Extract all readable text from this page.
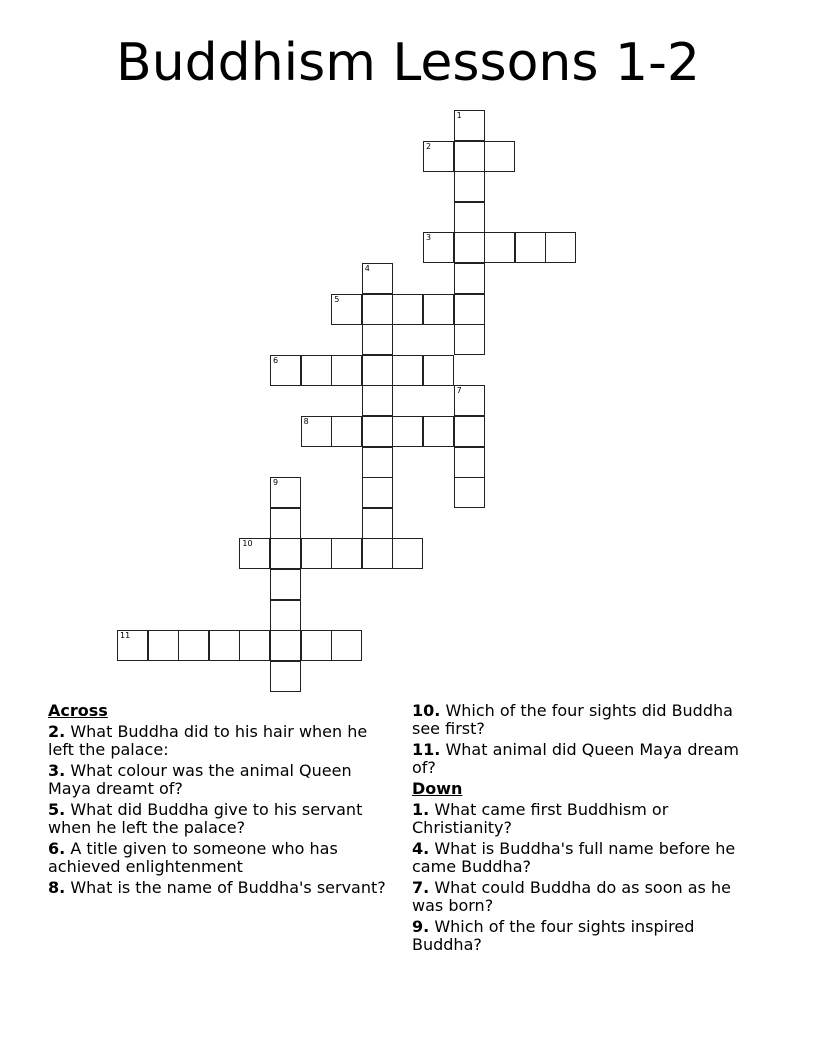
Buddhism Lessons 1-2
1
2
3
4
5
6
7
8
9
10
11
Across
2. What Buddha did to his hair when he left the palace:
3. What colour was the animal Queen Maya dreamt of?
5. What did Buddha give to his servant when he left the palace?
6. A title given to someone who has achieved enlightenment
8. What is the name of Buddha's servant?
10. Which of the four sights did Buddha see first?
11. What animal did Queen Maya dream of?
Down
1. What came first Buddhism or Christianity?
4. What is Buddha's full name before he came Buddha?
7. What could Buddha do as soon as he was born?
9. Which of the four sights inspired Buddha?
